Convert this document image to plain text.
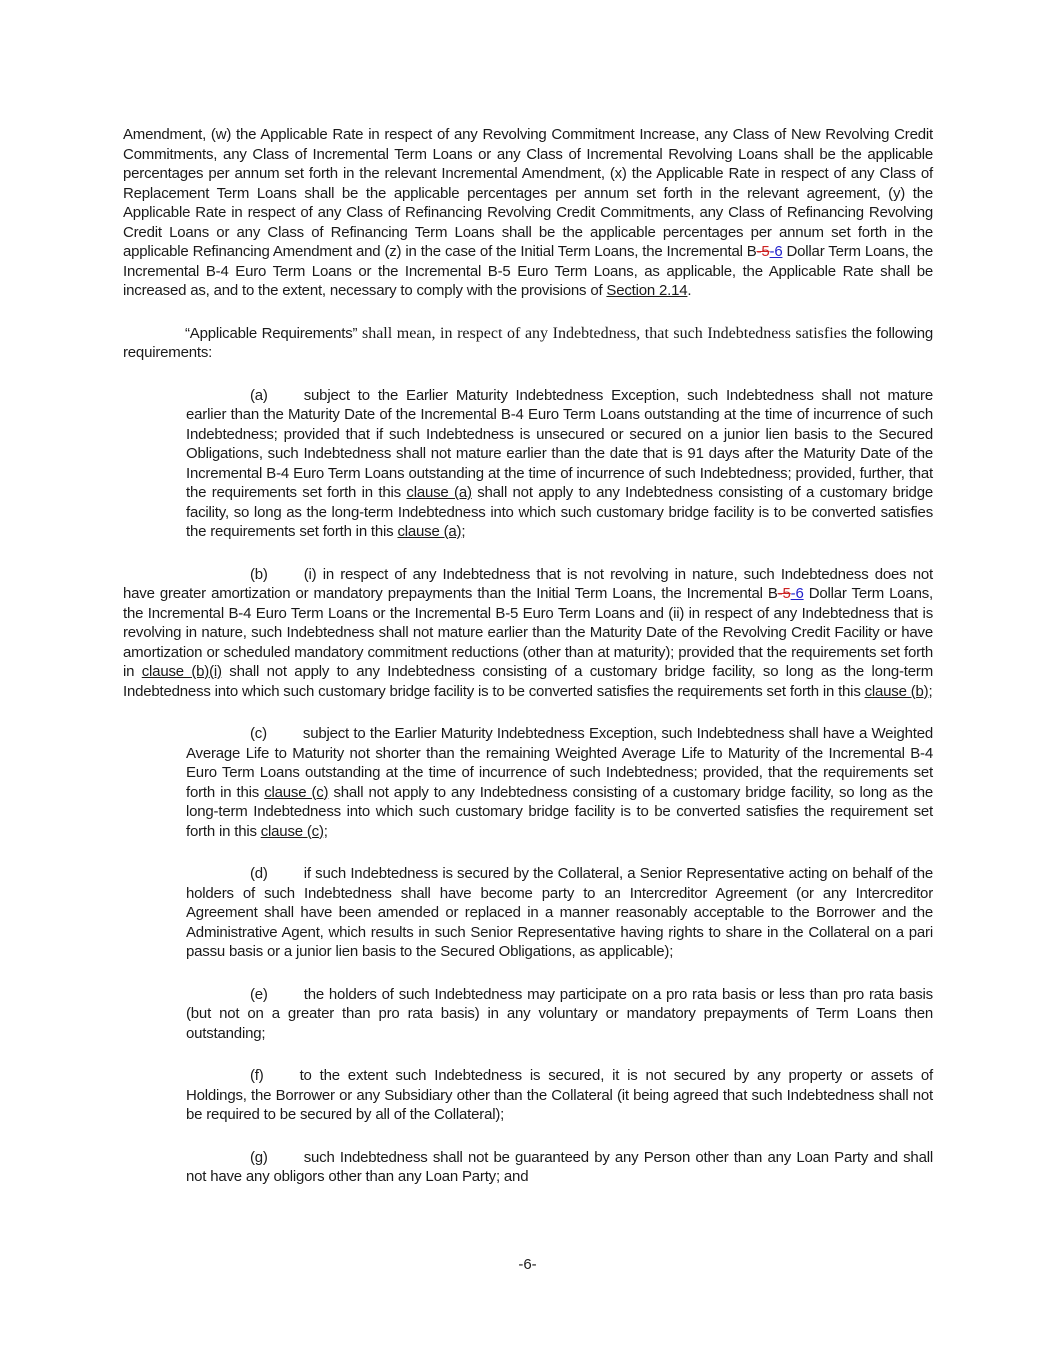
Amendment, (w) the Applicable Rate in respect of any Revolving Commitment Increase, any Class of New Revolving Credit Commitments, any Class of Incremental Term Loans or any Class of Incremental Revolving Loans shall be the applicable percentages per annum set forth in the relevant Incremental Amendment, (x) the Applicable Rate in respect of any Class of Replacement Term Loans shall be the applicable percentages per annum set forth in the relevant agreement, (y) the Applicable Rate in respect of any Class of Refinancing Revolving Credit Commitments, any Class of Refinancing Revolving Credit Loans or any Class of Refinancing Term Loans shall be the applicable percentages per annum set forth in the applicable Refinancing Amendment and (z) in the case of the Initial Term Loans, the Incremental B-5-6 Dollar Term Loans, the Incremental B-4 Euro Term Loans or the Incremental B-5 Euro Term Loans, as applicable, the Applicable Rate shall be increased as, and to the extent, necessary to comply with the provisions of Section 2.14.

“Applicable Requirements” shall mean, in respect of any Indebtedness, that such Indebtedness satisfies the following requirements:

(a) subject to the Earlier Maturity Indebtedness Exception, such Indebtedness shall not mature earlier than the Maturity Date of the Incremental B-4 Euro Term Loans outstanding at the time of incurrence of such Indebtedness; provided that if such Indebtedness is unsecured or secured on a junior lien basis to the Secured Obligations, such Indebtedness shall not mature earlier than the date that is 91 days after the Maturity Date of the Incremental B-4 Euro Term Loans outstanding at the time of incurrence of such Indebtedness; provided, further, that the requirements set forth in this clause (a) shall not apply to any Indebtedness consisting of a customary bridge facility, so long as the long-term Indebtedness into which such customary bridge facility is to be converted satisfies the requirements set forth in this clause (a);

(b) (i) in respect of any Indebtedness that is not revolving in nature, such Indebtedness does not have greater amortization or mandatory prepayments than the Initial Term Loans, the Incremental B-5-6 Dollar Term Loans, the Incremental B-4 Euro Term Loans or the Incremental B-5 Euro Term Loans and (ii) in respect of any Indebtedness that is revolving in nature, such Indebtedness shall not mature earlier than the Maturity Date of the Revolving Credit Facility or have amortization or scheduled mandatory commitment reductions (other than at maturity); provided that the requirements set forth in clause (b)(i) shall not apply to any Indebtedness consisting of a customary bridge facility, so long as the long-term Indebtedness into which such customary bridge facility is to be converted satisfies the requirements set forth in this clause (b);

(c) subject to the Earlier Maturity Indebtedness Exception, such Indebtedness shall have a Weighted Average Life to Maturity not shorter than the remaining Weighted Average Life to Maturity of the Incremental B-4 Euro Term Loans outstanding at the time of incurrence of such Indebtedness; provided, that the requirements set forth in this clause (c) shall not apply to any Indebtedness consisting of a customary bridge facility, so long as the long-term Indebtedness into which such customary bridge facility is to be converted satisfies the requirement set forth in this clause (c);

(d) if such Indebtedness is secured by the Collateral, a Senior Representative acting on behalf of the holders of such Indebtedness shall have become party to an Intercreditor Agreement (or any Intercreditor Agreement shall have been amended or replaced in a manner reasonably acceptable to the Borrower and the Administrative Agent, which results in such Senior Representative having rights to share in the Collateral on a pari passu basis or a junior lien basis to the Secured Obligations, as applicable);

(e) the holders of such Indebtedness may participate on a pro rata basis or less than pro rata basis (but not on a greater than pro rata basis) in any voluntary or mandatory prepayments of Term Loans then outstanding;

(f) to the extent such Indebtedness is secured, it is not secured by any property or assets of Holdings, the Borrower or any Subsidiary other than the Collateral (it being agreed that such Indebtedness shall not be required to be secured by all of the Collateral);

(g) such Indebtedness shall not be guaranteed by any Person other than any Loan Party and shall not have any obligors other than any Loan Party; and

-6-
